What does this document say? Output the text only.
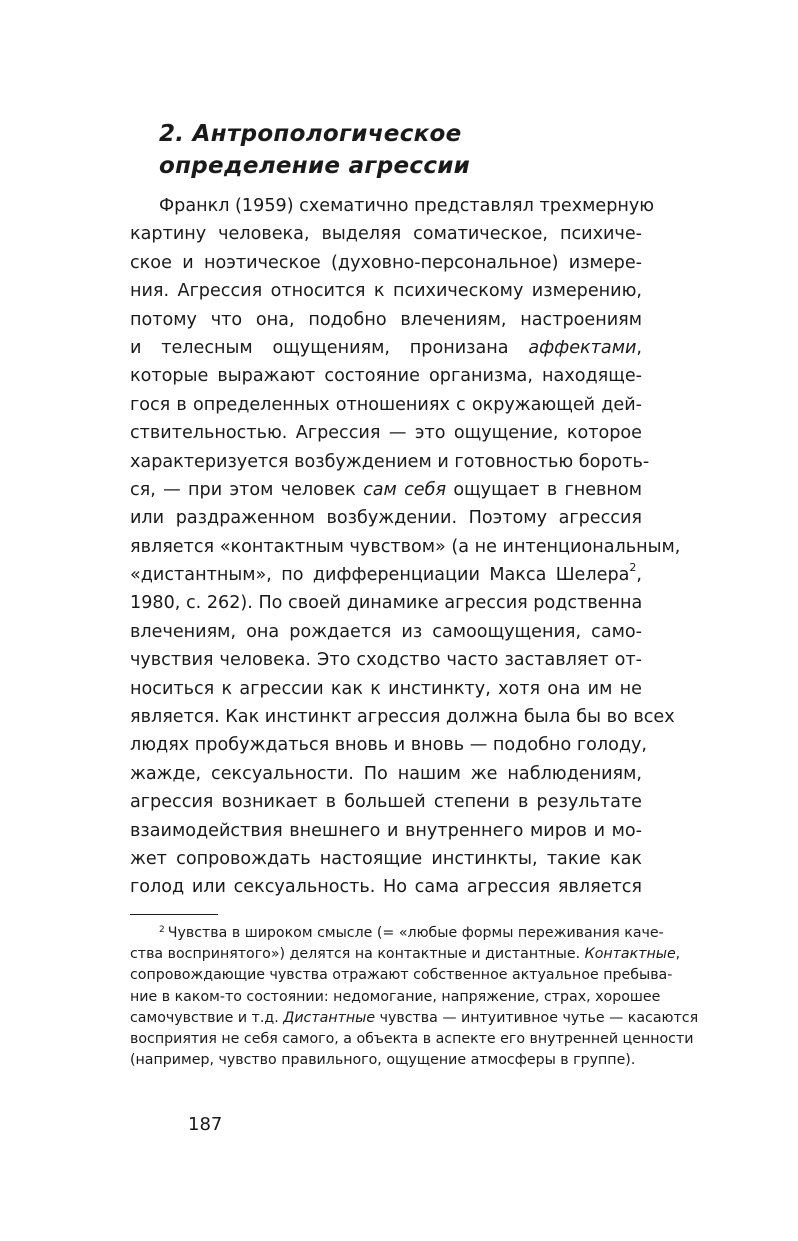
2. Антропологическое
определение агрессии
Франкл (1959) схематично представлял трехмерную
картину человека, выделяя соматическое, психиче-
ское и ноэтическое (духовно-персональное) измере-
ния. Агрессия относится к психическому измерению,
потому что она, подобно влечениям, настроениям
и телесным ощущениям, пронизана аффектами,
которые выражают состояние организма, находяще-
гося в определенных отношениях с окружающей дей-
ствительностью. Агрессия — это ощущение, которое
характеризуется возбуждением и готовностью бороть-
ся, — при этом человек сам себя ощущает в гневном
или раздраженном возбуждении. Поэтому агрессия
является «контактным чувством» (а не интенциональным,
«дистантным», по дифференциации Макса Шелера$^2$,
1980, с. 262). По своей динамике агрессия родственна
влечениям, она рождается из самоощущения, само-
чувствия человека. Это сходство часто заставляет от-
носиться к агрессии как к инстинкту, хотя она им не
является. Как инстинкт агрессия должна была бы во всех
людях пробуждаться вновь и вновь — подобно голоду,
жажде, сексуальности. По нашим же наблюдениям,
агрессия возникает в большей степени в результате
взаимодействия внешнего и внутреннего миров и мо-
жет сопровождать настоящие инстинкты, такие как
голод или сексуальность. Но сама агрессия является
$^2$ Чувства в широком смысле (= «любые формы переживания каче-
ства воспринятого») делятся на контактные и дистантные. Контактные,
сопровождающие чувства отражают собственное актуальное пребыва-
ние в каком-то состоянии: недомогание, напряжение, страх, хорошее
самочувствие и т.д. Дистантные чувства — интуитивное чутье — касаются
восприятия не себя самого, а объекта в аспекте его внутренней ценности
(например, чувство правильного, ощущение атмосферы в группе).
187
